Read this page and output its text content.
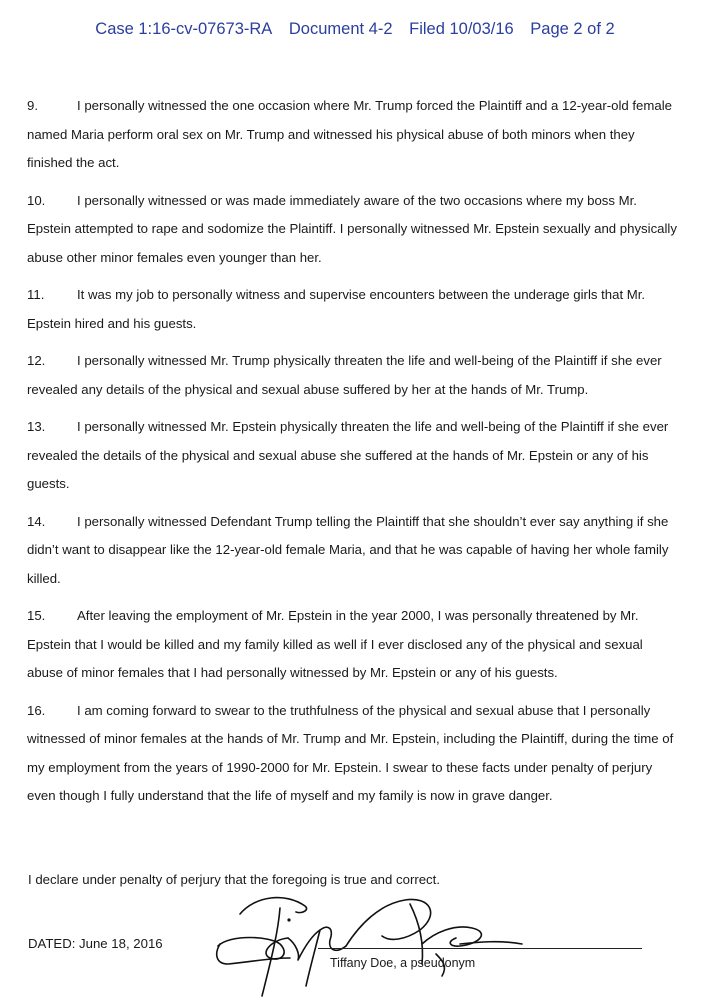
Case 1:16-cv-07673-RA Document 4-2 Filed 10/03/16 Page 2 of 2

9.	I personally witnessed the one occasion where Mr. Trump forced the Plaintiff and a 12-year-old female named Maria perform oral sex on Mr. Trump and witnessed his physical abuse of both minors when they finished the act.

10. I personally witnessed or was made immediately aware of the two occasions where my boss Mr. Epstein attempted to rape and sodomize the Plaintiff. I personally witnessed Mr. Epstein sexually and physically abuse other minor females even younger than her.

11. It was my job to personally witness and supervise encounters between the underage girls that Mr. Epstein hired and his guests.

12. I personally witnessed Mr. Trump physically threaten the life and well-being of the Plaintiff if she ever revealed any details of the physical and sexual abuse suffered by her at the hands of Mr. Trump.

13. I personally witnessed Mr. Epstein physically threaten the life and well-being of the Plaintiff if she ever revealed the details of the physical and sexual abuse she suffered at the hands of Mr. Epstein or any of his guests.

14. I personally witnessed Defendant Trump telling the Plaintiff that she shouldn’t ever say anything if she didn’t want to disappear like the 12-year-old female Maria, and that he was capable of having her whole family killed.

15. After leaving the employment of Mr. Epstein in the year 2000, I was personally threatened by Mr. Epstein that I would be killed and my family killed as well if I ever disclosed any of the physical and sexual abuse of minor females that I had personally witnessed by Mr. Epstein or any of his guests.

16. I am coming forward to swear to the truthfulness of the physical and sexual abuse that I personally witnessed of minor females at the hands of Mr. Trump and Mr. Epstein, including the Plaintiff, during the time of my employment from the years of 1990-2000 for Mr. Epstein. I swear to these facts under penalty of perjury even though I fully understand that the life of myself and my family is now in grave danger.

I declare under penalty of perjury that the foregoing is true and correct.
DATED: June 18, 2016
Tiffany Doe, a pseudonym
